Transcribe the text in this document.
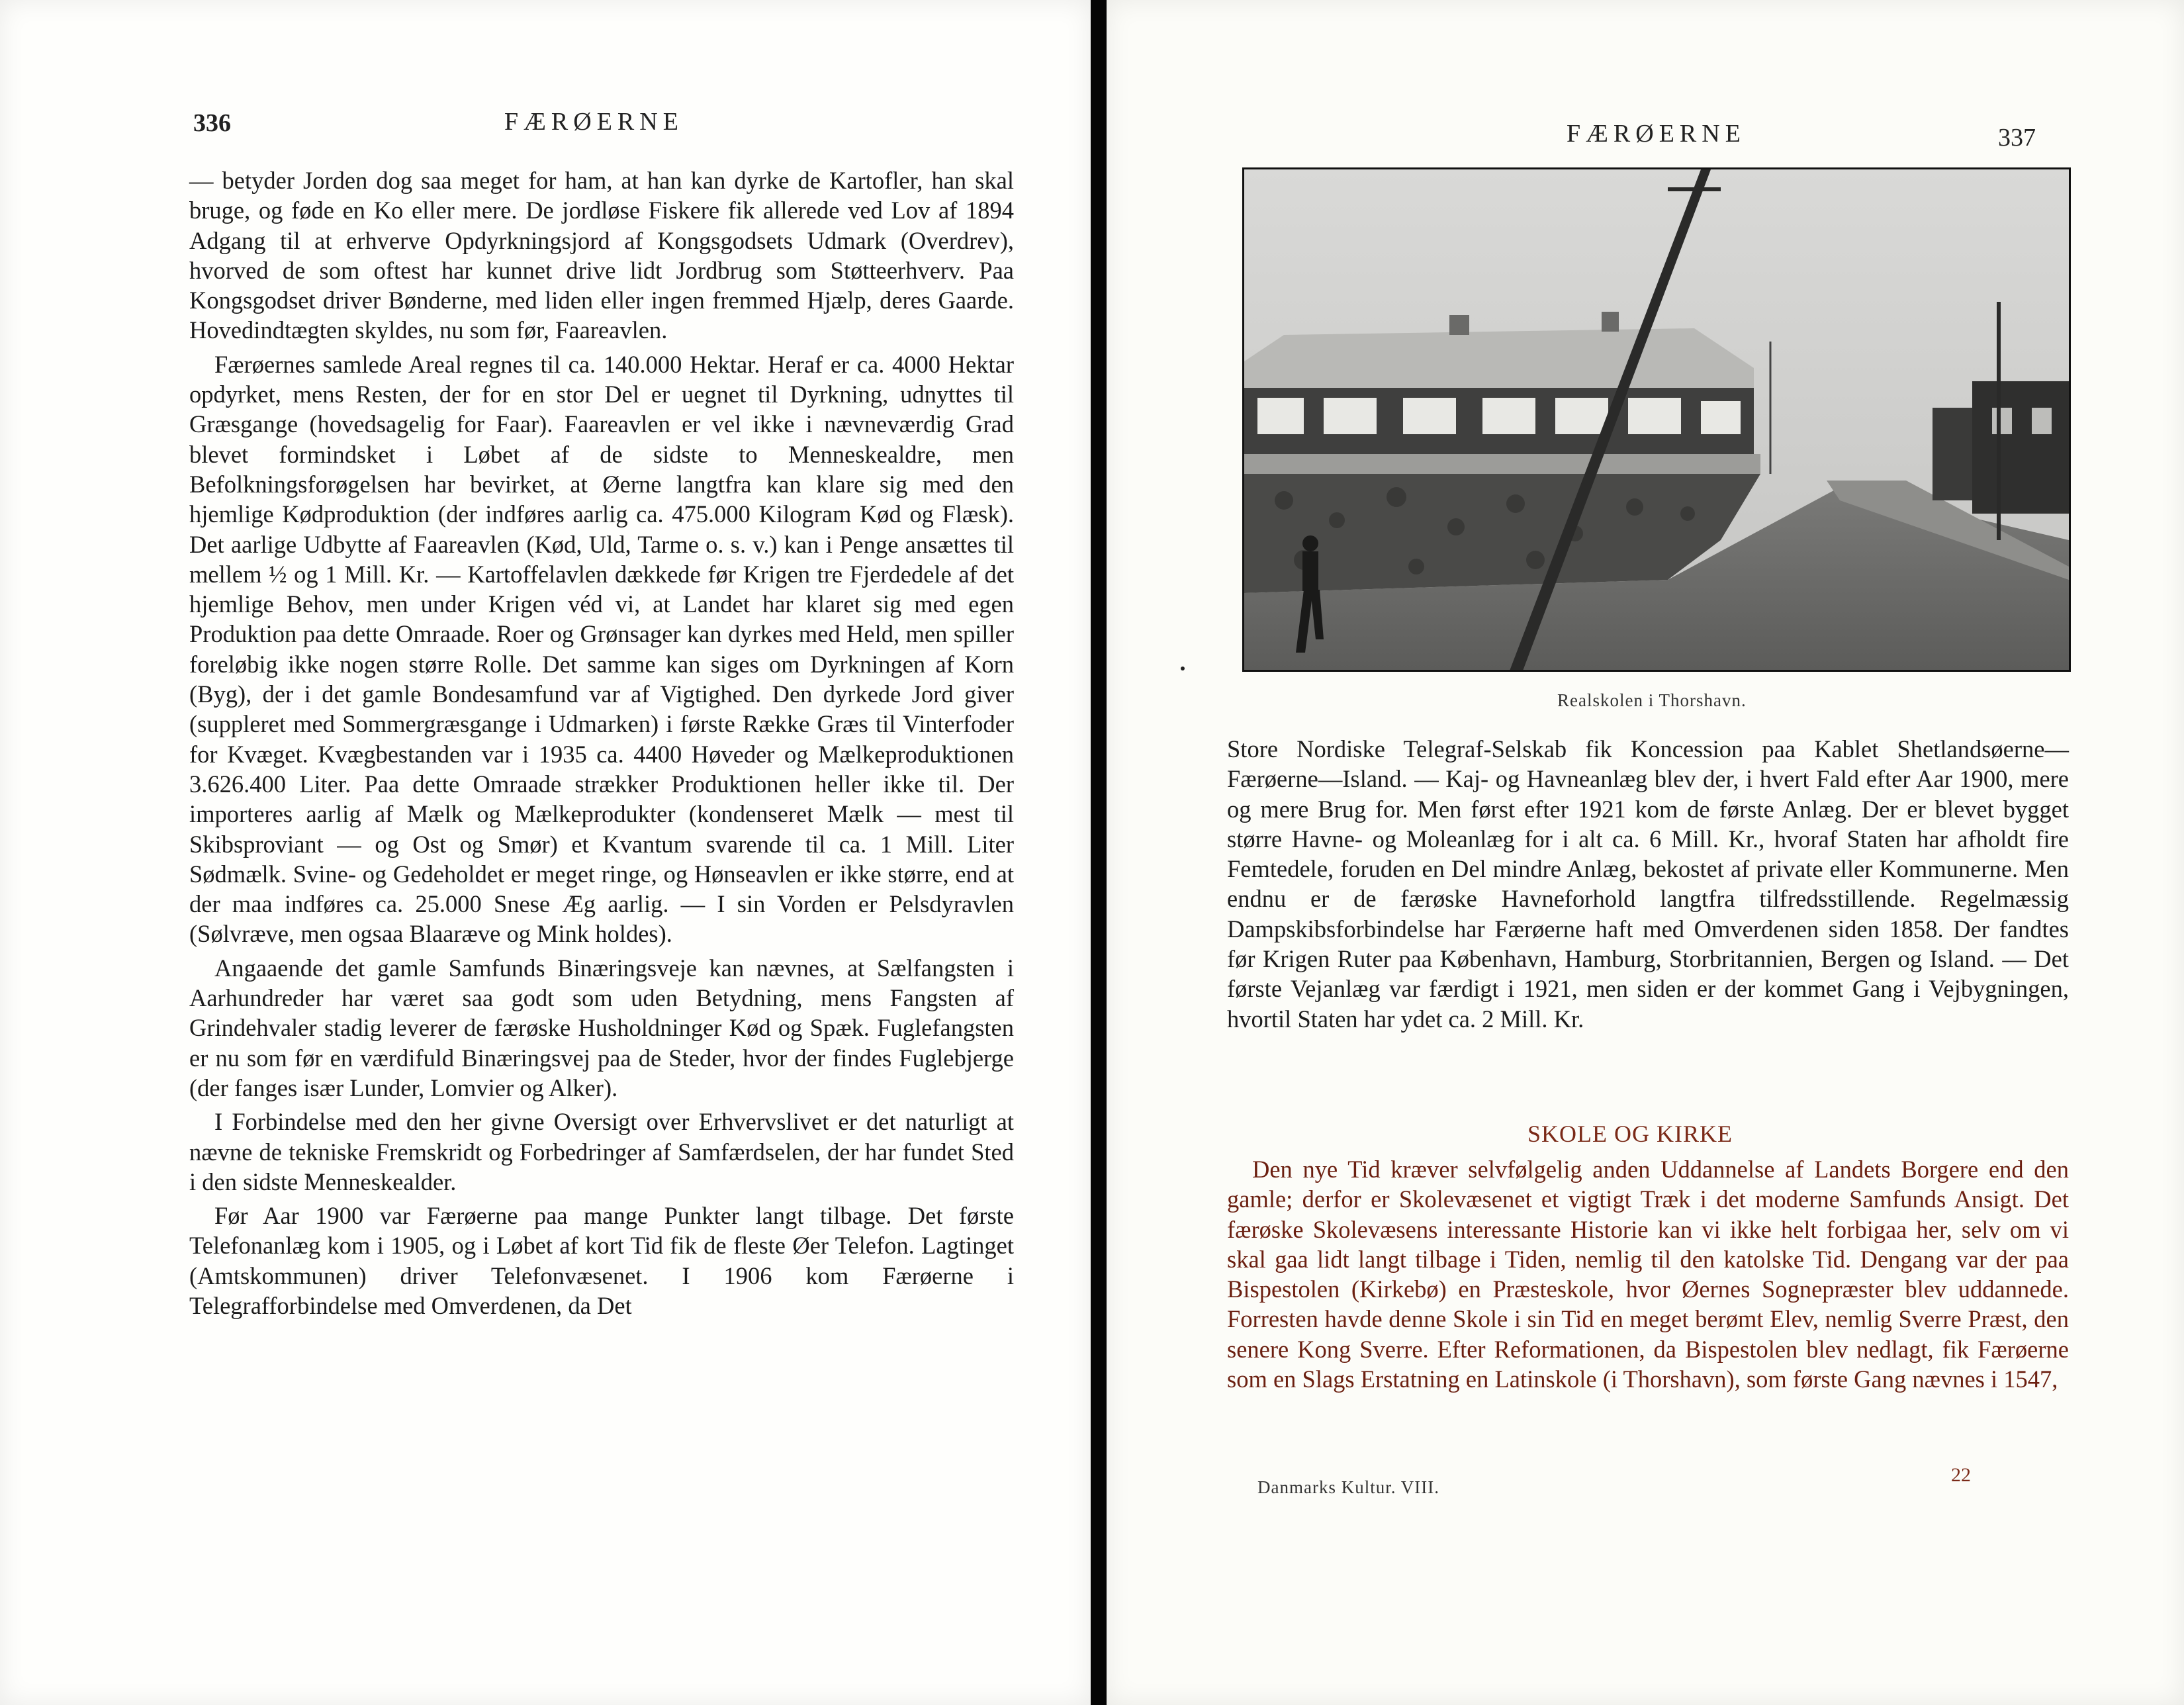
336	FÆRØERNE

— betyder Jorden dog saa meget for ham, at han kan dyrke de Kartofler, han skal bruge, og føde en Ko eller mere. De jordløse Fiskere fik allerede ved Lov af 1894 Adgang til at erhverve Opdyrkningsjord af Kongsgodsets Udmark (Overdrev), hvorved de som oftest har kunnet drive lidt Jordbrug som Støtteerhverv. Paa Kongsgodset driver Bønderne, med liden eller ingen fremmed Hjælp, deres Gaarde. Hovedindtægten skyldes, nu som før, Faareavlen.

Færøernes samlede Areal regnes til ca. 140.000 Hektar. Heraf er ca. 4000 Hektar opdyrket, mens Resten, der for en stor Del er uegnet til Dyrkning, udnyttes til Græsgange (hovedsagelig for Faar). Faareavlen er vel ikke i nævneværdig Grad blevet formindsket i Løbet af de sidste to Menneskealdre, men Befolkningsforøgelsen har bevirket, at Øerne langtfra kan klare sig med den hjemlige Kødproduktion (der indføres aarlig ca. 475.000 Kilogram Kød og Flæsk). Det aarlige Udbytte af Faareavlen (Kød, Uld, Tarme o. s. v.) kan i Penge ansættes til mellem ½ og 1 Mill. Kr. — Kartoffelavlen dækkede før Krigen tre Fjerdedele af det hjemlige Behov, men under Krigen véd vi, at Landet har klaret sig med egen Produktion paa dette Omraade. Roer og Grønsager kan dyrkes med Held, men spiller foreløbig ikke nogen større Rolle. Det samme kan siges om Dyrkningen af Korn (Byg), der i det gamle Bondesamfund var af Vigtighed. Den dyrkede Jord giver (suppleret med Sommergræsgange i Udmarken) i første Række Græs til Vinterfoder for Kvæget. Kvægbestanden var i 1935 ca. 4400 Høveder og Mælkeproduktionen 3.626.400 Liter. Paa dette Omraade strækker Produktionen heller ikke til. Der importeres aarlig af Mælk og Mælkeprodukter (kondenseret Mælk — mest til Skibsproviant — og Ost og Smør) et Kvantum svarende til ca. 1 Mill. Liter Sødmælk. Svine- og Gedeholdet er meget ringe, og Hønseavlen er ikke større, end at der maa indføres ca. 25.000 Snese Æg aarlig. — I sin Vorden er Pelsdyravlen (Sølvræve, men ogsaa Blaaræve og Mink holdes).

Angaaende det gamle Samfunds Binæringsveje kan nævnes, at Sælfangsten i Aarhundreder har været saa godt som uden Betydning, mens Fangsten af Grindehvaler stadig leverer de færøske Husholdninger Kød og Spæk. Fuglefangsten er nu som før en værdifuld Binæringsvej paa de Steder, hvor der findes Fuglebjerge (der fanges især Lunder, Lomvier og Alker).

I Forbindelse med den her givne Oversigt over Erhvervslivet er det naturligt at nævne de tekniske Fremskridt og Forbedringer af Samfærdselen, der har fundet Sted i den sidste Menneskealder.

Før Aar 1900 var Færøerne paa mange Punkter langt tilbage. Det første Telefonanlæg kom i 1905, og i Løbet af kort Tid fik de fleste Øer Telefon. Lagtinget (Amtskommunen) driver Telefonvæsenet. I 1906 kom Færøerne i Telegrafforbindelse med Omverdenen, da Det

FÆRØERNE	337
Realskolen i Thorshavn.

Store Nordiske Telegraf-Selskab fik Koncession paa Kablet Shetlandsøerne—Færøerne—Island. — Kaj- og Havneanlæg blev der, i hvert Fald efter Aar 1900, mere og mere Brug for. Men først efter 1921 kom de første Anlæg. Der er blevet bygget større Havne- og Moleanlæg for i alt ca. 6 Mill. Kr., hvoraf Staten har afholdt fire Femtedele, foruden en Del mindre Anlæg, bekostet af private eller Kommunerne. Men endnu er de færøske Havneforhold langtfra tilfredsstillende. Regelmæssig Dampskibsforbindelse har Færøerne haft med Omverdenen siden 1858. Der fandtes før Krigen Ruter paa København, Hamburg, Storbritannien, Bergen og Island. — Det første Vejanlæg var færdigt i 1921, men siden er der kommet Gang i Vejbygningen, hvortil Staten har ydet ca. 2 Mill. Kr.

SKOLE OG KIRKE

Den nye Tid kræver selvfølgelig anden Uddannelse af Landets Borgere end den gamle; derfor er Skolevæsenet et vigtigt Træk i det moderne Samfunds Ansigt. Det færøske Skolevæsens interessante Historie kan vi ikke helt forbigaa her, selv om vi skal gaa lidt langt tilbage i Tiden, nemlig til den katolske Tid. Dengang var der paa Bispestolen (Kirkebø) en Præsteskole, hvor Øernes Sognepræster blev uddannede. Forresten havde denne Skole i sin Tid en meget berømt Elev, nemlig Sverre Præst, den senere Kong Sverre. Efter Reformationen, da Bispestolen blev nedlagt, fik Færøerne som en Slags Erstatning en Latinskole (i Thorshavn), som første Gang nævnes i 1547,

Danmarks Kultur. VIII.
22
